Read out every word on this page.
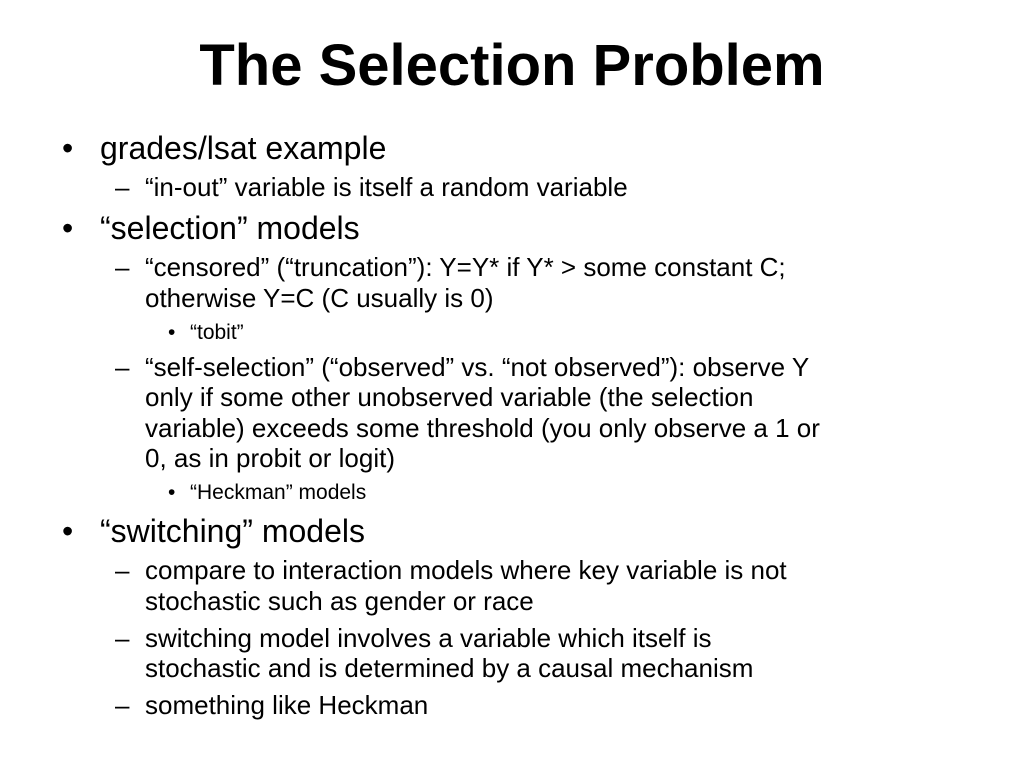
The Selection Problem
• grades/lsat example
– “in-out” variable is itself a random variable
• “selection” models
– “censored” (“truncation”): Y=Y* if Y* > some constant C;
otherwise Y=C (C usually is 0)
• “tobit”
– “self-selection” (“observed” vs. “not observed”): observe Y
only if some other unobserved variable (the selection
variable) exceeds some threshold (you only observe a 1 or
0, as in probit or logit)
• “Heckman” models
• “switching” models
– compare to interaction models where key variable is not
stochastic such as gender or race
– switching model involves a variable which itself is
stochastic and is determined by a causal mechanism
– something like Heckman
